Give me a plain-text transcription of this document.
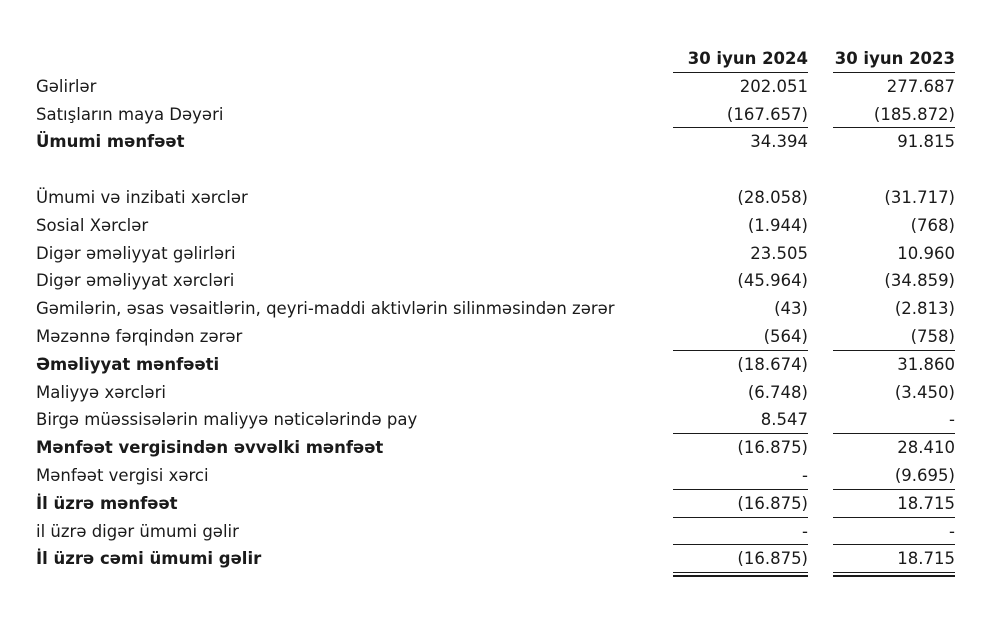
30 iyun 2024 30 iyun 2023
Gəlirlər	202.051	277.687
Satışların maya Dəyəri	(167.657)	(185.872)
Ümumi mənfəət	34.394	91.815
Ümumi və inzibati xərclər	(28.058)	(31.717)
Sosial Xərclər	(1.944)	(768)
Digər əməliyyat gəlirləri	23.505	10.960
Digər əməliyyat xərcləri	(45.964)	(34.859)
Gəmilərin, əsas vəsaitlərin, qeyri-maddi aktivlərin silinməsindən zərər	(43)	(2.813)
Məzənnə fərqindən zərər	(564)	(758)
Əməliyyat mənfəəti	(18.674)	31.860
Maliyyə xərcləri	(6.748)	(3.450)
Birgə müəssisələrin maliyyə nəticələrində pay	8.547	-
Mənfəət vergisindən əvvəlki mənfəət	(16.875)	28.410
Mənfəət vergisi xərci	-	(9.695)
İl üzrə mənfəət	(16.875)	18.715
il üzrə digər ümumi gəlir	-	-
İl üzrə cəmi ümumi gəlir	(16.875)	18.715
